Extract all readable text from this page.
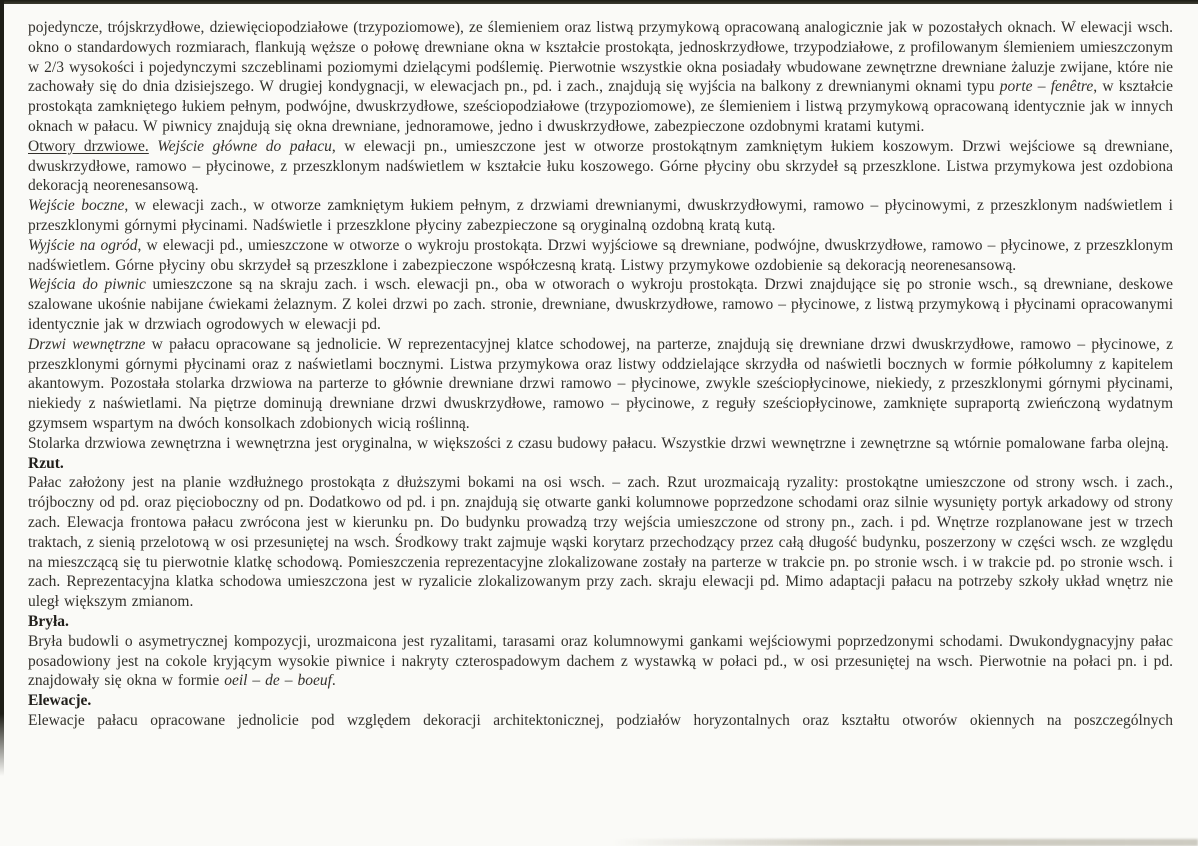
pojedyncze, trójskrzydłowe, dziewięciopodziałowe (trzypoziomowe), ze ślemieniem oraz listwą przymykową opracowaną analogicznie jak w pozostałych oknach. W elewacji wsch. okno o standardowych rozmiarach, flankują węższe o połowę drewniane okna w kształcie prostokąta, jednoskrzydłowe, trzypodziałowe, z profilowanym ślemieniem umieszczonym w 2/3 wysokości i pojedynczymi szczeblinami poziomymi dzielącymi podślemię. Pierwotnie wszystkie okna posiadały wbudowane zewnętrzne drewniane żaluzje zwijane, które nie zachowały się do dnia dzisiejszego. W drugiej kondygnacji, w elewacjach pn., pd. i zach., znajdują się wyjścia na balkony z drewnianymi oknami typu porte – fenêtre, w kształcie prostokąta zamkniętego łukiem pełnym, podwójne, dwuskrzydłowe, sześciopodziałowe (trzypoziomowe), ze ślemieniem i listwą przymykową opracowaną identycznie jak w innych oknach w pałacu. W piwnicy znajdują się okna drewniane, jednoramowe, jedno i dwuskrzydłowe, zabezpieczone ozdobnymi kratami kutymi.

Otwory drzwiowe. Wejście główne do pałacu, w elewacji pn., umieszczone jest w otworze prostokątnym zamkniętym łukiem koszowym. Drzwi wejściowe są drewniane, dwuskrzydłowe, ramowo – płycinowe, z przeszklonym nadświetlem w kształcie łuku koszowego. Górne płyciny obu skrzydeł są przeszklone. Listwa przymykowa jest ozdobiona dekoracją neorenesansową.

Wejście boczne, w elewacji zach., w otworze zamkniętym łukiem pełnym, z drzwiami drewnianymi, dwuskrzydłowymi, ramowo – płycinowymi, z przeszklonym nadświetlem i przeszklonymi górnymi płycinami. Nadświetle i przeszklone płyciny zabezpieczone są oryginalną ozdobną kratą kutą.

Wyjście na ogród, w elewacji pd., umieszczone w otworze o wykroju prostokąta. Drzwi wyjściowe są drewniane, podwójne, dwuskrzydłowe, ramowo – płycinowe, z przeszklonym nadświetlem. Górne płyciny obu skrzydeł są przeszklone i zabezpieczone współczesną kratą. Listwy przymykowe ozdobienie są dekoracją neorenesansową.

Wejścia do piwnic umieszczone są na skraju zach. i wsch. elewacji pn., oba w otworach o wykroju prostokąta. Drzwi znajdujące się po stronie wsch., są drewniane, deskowe szalowane ukośnie nabijane ćwiekami żelaznym. Z kolei drzwi po zach. stronie, drewniane, dwuskrzydłowe, ramowo – płycinowe, z listwą przymykową i płycinami opracowanymi identycznie jak w drzwiach ogrodowych w elewacji pd.

Drzwi wewnętrzne w pałacu opracowane są jednolicie. W reprezentacyjnej klatce schodowej, na parterze, znajdują się drewniane drzwi dwuskrzydłowe, ramowo – płycinowe, z przeszklonymi górnymi płycinami oraz z naświetlami bocznymi. Listwa przymykowa oraz listwy oddzielające skrzydła od naświetli bocznych w formie półkolumny z kapitelem akantowym. Pozostała stolarka drzwiowa na parterze to głównie drewniane drzwi ramowo – płycinowe, zwykle sześciopłycinowe, niekiedy, z przeszklonymi górnymi płycinami, niekiedy z naświetlami. Na piętrze dominują drewniane drzwi dwuskrzydłowe, ramowo – płycinowe, z reguły sześciopłycinowe, zamknięte supraportą zwieńczoną wydatnym gzymsem wspartym na dwóch konsolkach zdobionych wicią roślinną.

Stolarka drzwiowa zewnętrzna i wewnętrzna jest oryginalna, w większości z czasu budowy pałacu. Wszystkie drzwi wewnętrzne i zewnętrzne są wtórnie pomalowane farba olejną.

Rzut.

Pałac założony jest na planie wzdłużnego prostokąta z dłuższymi bokami na osi wsch. – zach. Rzut urozmaicają ryzality: prostokątne umieszczone od strony wsch. i zach., trójboczny od pd. oraz pięcioboczny od pn. Dodatkowo od pd. i pn. znajdują się otwarte ganki kolumnowe poprzedzone schodami oraz silnie wysunięty portyk arkadowy od strony zach. Elewacja frontowa pałacu zwrócona jest w kierunku pn. Do budynku prowadzą trzy wejścia umieszczone od strony pn., zach. i pd. Wnętrze rozplanowane jest w trzech traktach, z sienią przelotową w osi przesuniętej na wsch. Środkowy trakt zajmuje wąski korytarz przechodzący przez całą długość budynku, poszerzony w części wsch. ze względu na mieszczącą się tu pierwotnie klatkę schodową. Pomieszczenia reprezentacyjne zlokalizowane zostały na parterze w trakcie pn. po stronie wsch. i w trakcie pd. po stronie wsch. i zach. Reprezentacyjna klatka schodowa umieszczona jest w ryzalicie zlokalizowanym przy zach. skraju elewacji pd. Mimo adaptacji pałacu na potrzeby szkoły układ wnętrz nie uległ większym zmianom.

Bryła.

Bryła budowli o asymetrycznej kompozycji, urozmaicona jest ryzalitami, tarasami oraz kolumnowymi gankami wejściowymi poprzedzonymi schodami. Dwukondygnacyjny pałac posadowiony jest na cokole kryjącym wysokie piwnice i nakryty czterospadowym dachem z wystawką w połaci pd., w osi przesuniętej na wsch. Pierwotnie na połaci pn. i pd. znajdowały się okna w formie oeil – de – boeuf.

Elewacje.

Elewacje pałacu opracowane jednolicie pod względem dekoracji architektonicznej, podziałów horyzontalnych oraz kształtu otworów okiennych na poszczególnych
